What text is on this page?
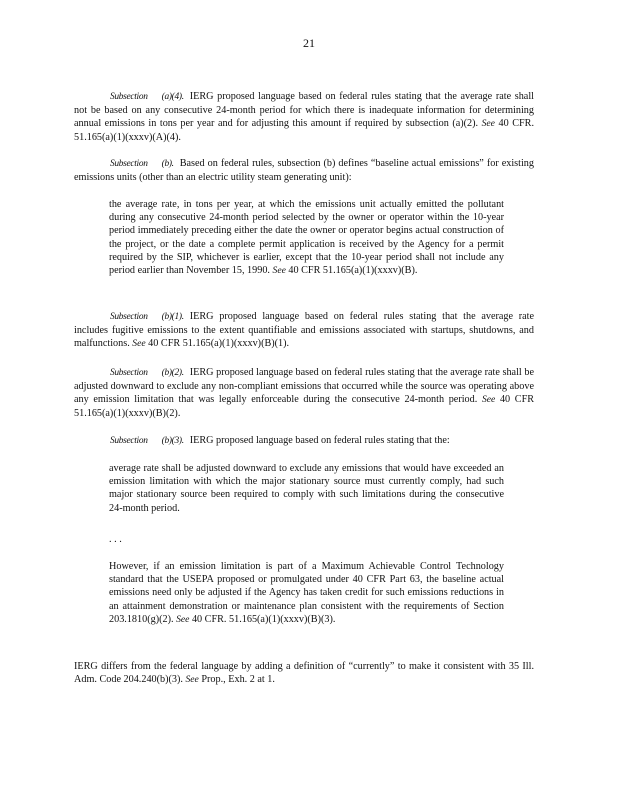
21
Subsection (a)(4). IERG proposed language based on federal rules stating that the average rate shall not be based on any consecutive 24-month period for which there is inadequate information for determining annual emissions in tons per year and for adjusting this amount if required by subsection (a)(2). See 40 CFR. 51.165(a)(1)(xxxv)(A)(4).
Subsection (b). Based on federal rules, subsection (b) defines “baseline actual emissions” for existing emissions units (other than an electric utility steam generating unit):
the average rate, in tons per year, at which the emissions unit actually emitted the pollutant during any consecutive 24-month period selected by the owner or operator within the 10-year period immediately preceding either the date the owner or operator begins actual construction of the project, or the date a complete permit application is received by the Agency for a permit required by the SIP, whichever is earlier, except that the 10-year period shall not include any period earlier than November 15, 1990. See 40 CFR 51.165(a)(1)(xxxv)(B).
Subsection (b)(1). IERG proposed language based on federal rules stating that the average rate includes fugitive emissions to the extent quantifiable and emissions associated with startups, shutdowns, and malfunctions. See 40 CFR 51.165(a)(1)(xxxv)(B)(1).
Subsection (b)(2). IERG proposed language based on federal rules stating that the average rate shall be adjusted downward to exclude any non-compliant emissions that occurred while the source was operating above any emission limitation that was legally enforceable during the consecutive 24-month period. See 40 CFR 51.165(a)(1)(xxxv)(B)(2).
Subsection (b)(3). IERG proposed language based on federal rules stating that the:
average rate shall be adjusted downward to exclude any emissions that would have exceeded an emission limitation with which the major stationary source must currently comply, had such major stationary source been required to comply with such limitations during the consecutive 24-month period.
. . .
However, if an emission limitation is part of a Maximum Achievable Control Technology standard that the USEPA proposed or promulgated under 40 CFR Part 63, the baseline actual emissions need only be adjusted if the Agency has taken credit for such emissions reductions in an attainment demonstration or maintenance plan consistent with the requirements of Section 203.1810(g)(2). See 40 CFR. 51.165(a)(1)(xxxv)(B)(3).
IERG differs from the federal language by adding a definition of “currently” to make it consistent with 35 Ill. Adm. Code 204.240(b)(3). See Prop., Exh. 2 at 1.
